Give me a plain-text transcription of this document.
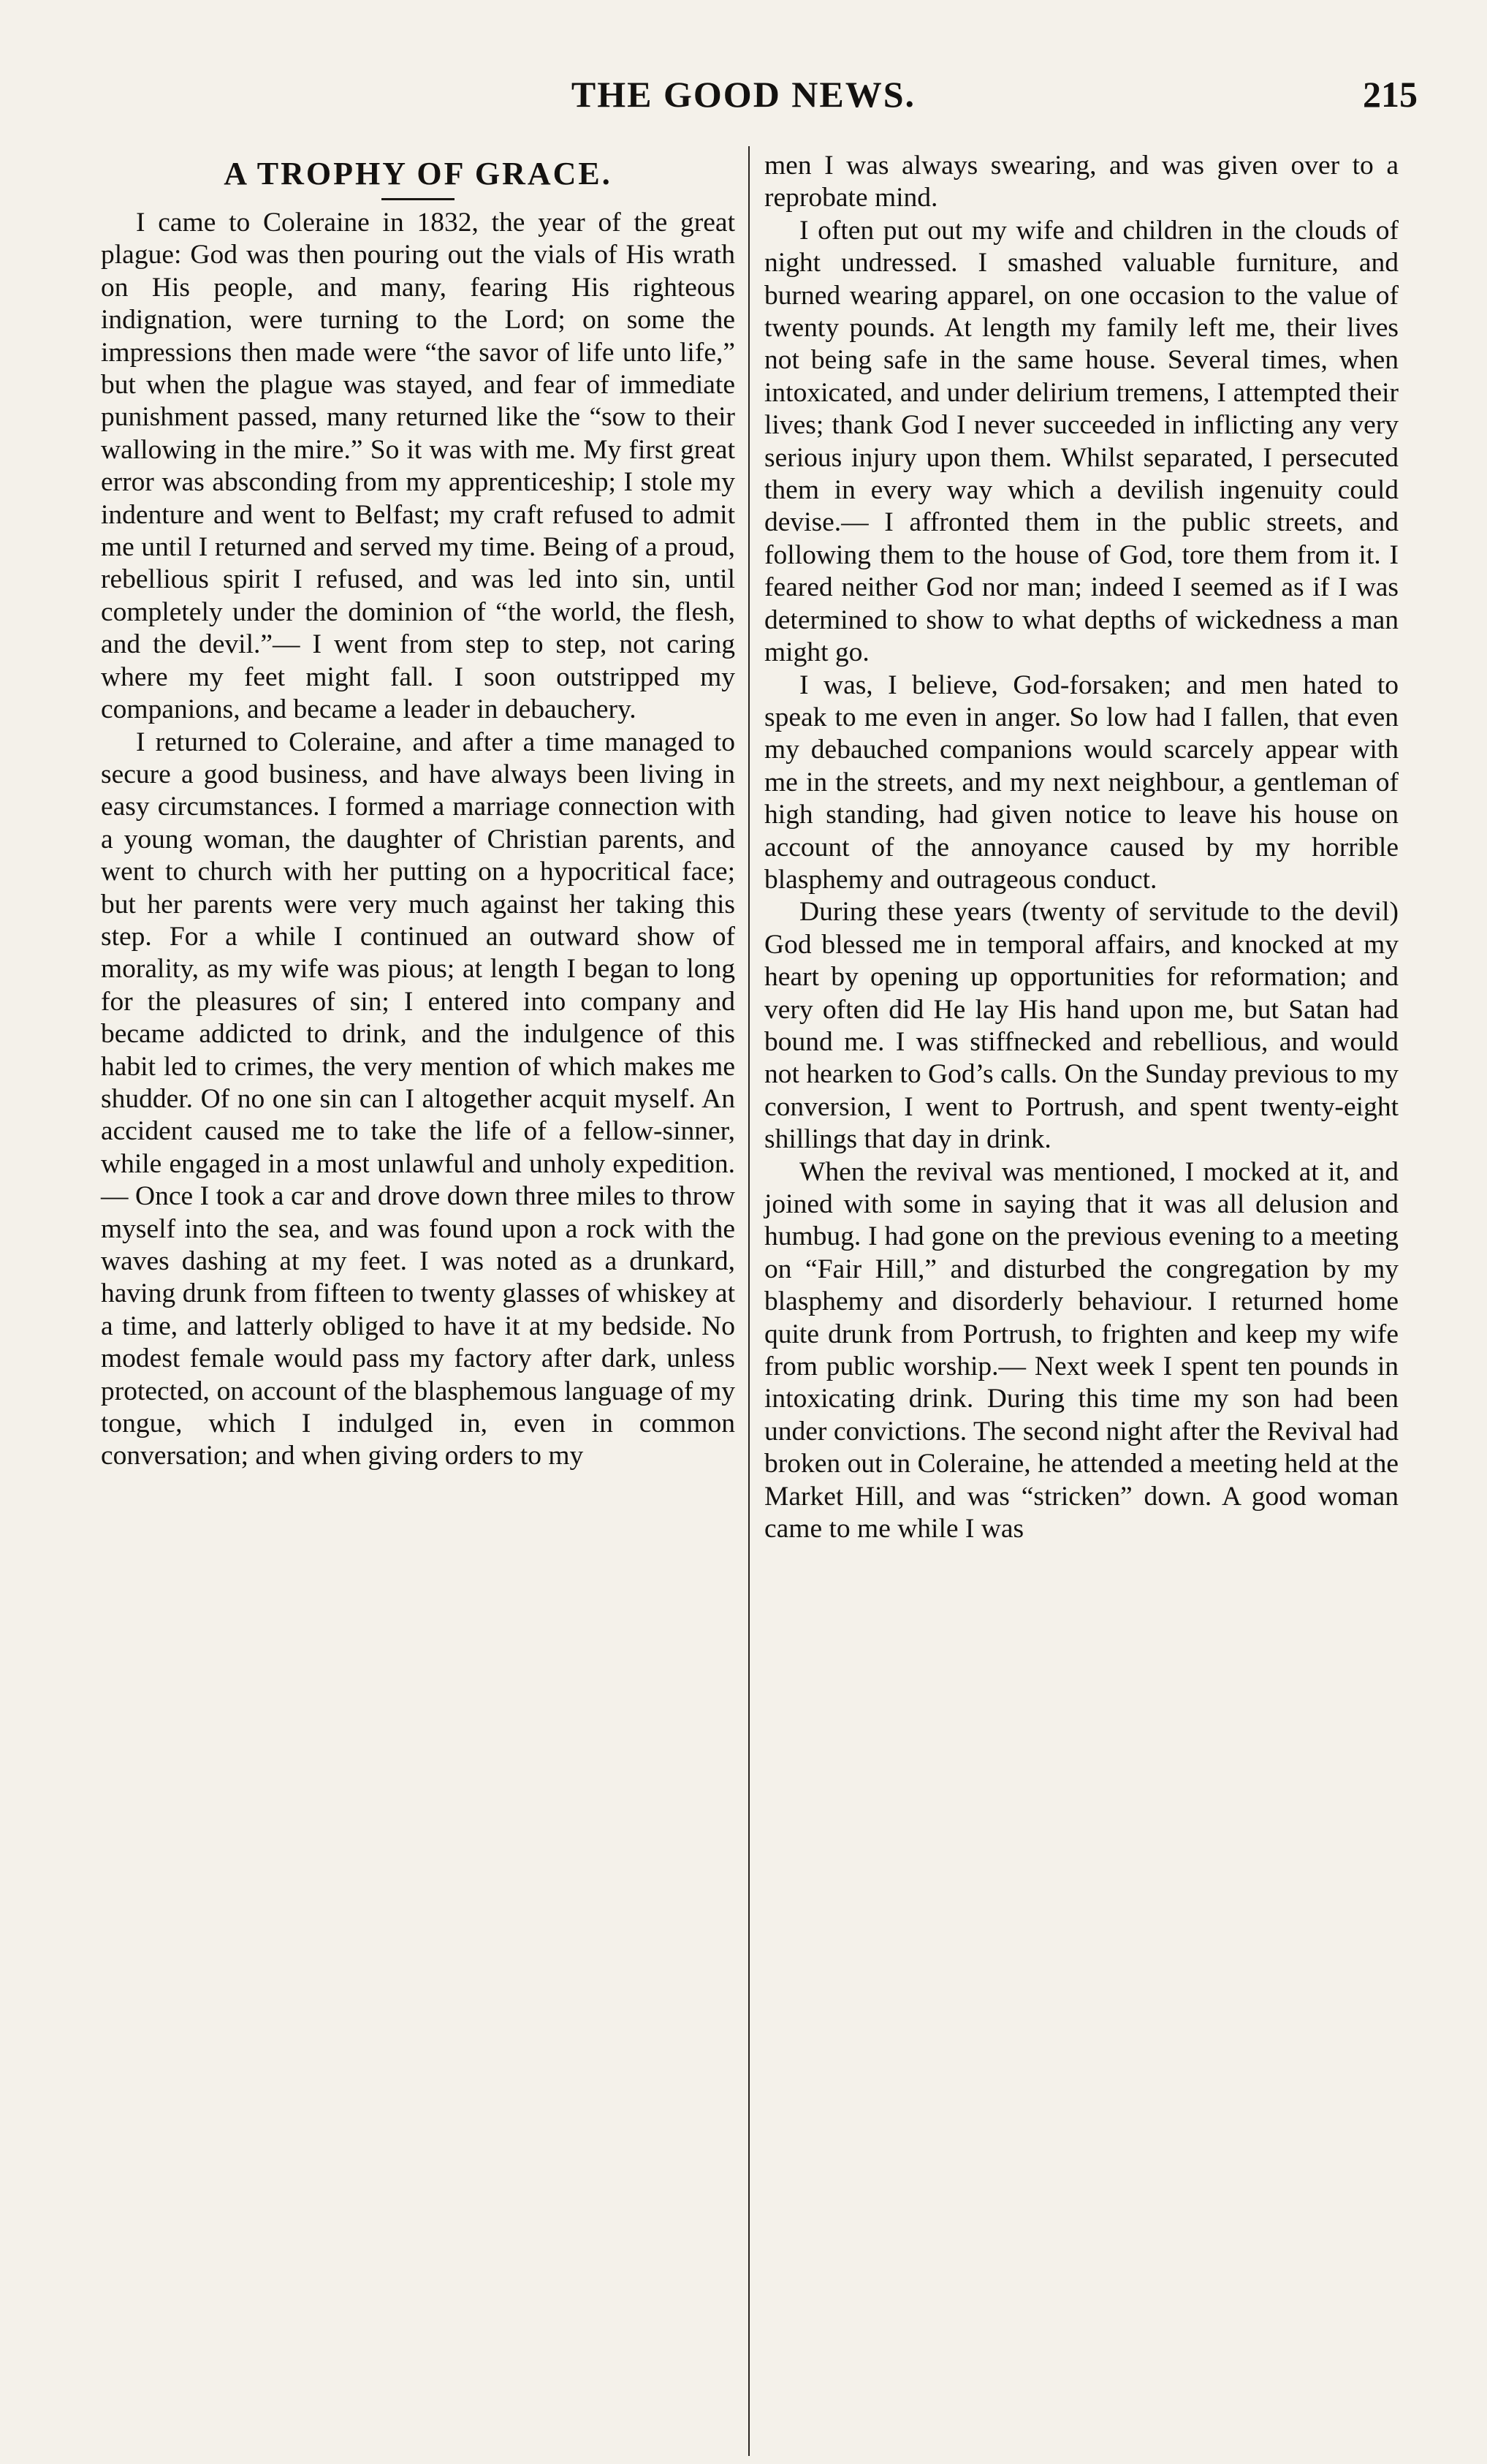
THE GOOD NEWS.	215
A TROPHY OF GRACE.

I came to Coleraine in 1832, the year of the great plague: God was then pouring out the vials of His wrath on His people, and many, fearing His righteous indignation, were turning to the Lord; on some the impressions then made were “the savor of life unto life,” but when the plague was stayed, and fear of immediate punishment passed, many returned like the “sow to their wallowing in the mire.” So it was with me. My first great error was absconding from my apprenticeship; I stole my indenture and went to Belfast; my craft refused to admit me until I returned and served my time. Being of a proud, rebellious spirit I refused, and was led into sin, until completely under the dominion of “the world, the flesh, and the devil.”— I went from step to step, not caring where my feet might fall. I soon outstripped my companions, and became a leader in debauchery.

I returned to Coleraine, and after a time managed to secure a good business, and have always been living in easy circumstances. I formed a marriage connection with a young woman, the daughter of Christian parents, and went to church with her putting on a hypocritical face; but her parents were very much against her taking this step. For a while I continued an outward show of morality, as my wife was pious; at length I began to long for the pleasures of sin; I entered into company and became addicted to drink, and the indulgence of this habit led to crimes, the very mention of which makes me shudder. Of no one sin can I altogether acquit myself. An accident caused me to take the life of a fellow-sinner, while engaged in a most unlawful and unholy expedition.— Once I took a car and drove down three miles to throw myself into the sea, and was found upon a rock with the waves dashing at my feet. I was noted as a drunkard, having drunk from fifteen to twenty glasses of whiskey at a time, and latterly obliged to have it at my bedside. No modest female would pass my factory after dark, unless protected, on account of the blasphemous language of my tongue, which I indulged in, even in common conversation; and when giving orders to my

men I was always swearing, and was given over to a reprobate mind.

I often put out my wife and children in the clouds of night undressed. I smashed valuable furniture, and burned wearing apparel, on one occasion to the value of twenty pounds. At length my family left me, their lives not being safe in the same house. Several times, when intoxicated, and under delirium tremens, I attempted their lives; thank God I never succeeded in inflicting any very serious injury upon them. Whilst separated, I persecuted them in every way which a devilish ingenuity could devise.— I affronted them in the public streets, and following them to the house of God, tore them from it. I feared neither God nor man; indeed I seemed as if I was determined to show to what depths of wickedness a man might go.

I was, I believe, God-forsaken; and men hated to speak to me even in anger. So low had I fallen, that even my debauched companions would scarcely appear with me in the streets, and my next neighbour, a gentleman of high standing, had given notice to leave his house on account of the annoyance caused by my horrible blasphemy and outrageous conduct.

During these years (twenty of servitude to the devil) God blessed me in temporal affairs, and knocked at my heart by opening up opportunities for reformation; and very often did He lay His hand upon me, but Satan had bound me. I was stiffnecked and rebellious, and would not hearken to God’s calls. On the Sunday previous to my conversion, I went to Portrush, and spent twenty-eight shillings that day in drink.

When the revival was mentioned, I mocked at it, and joined with some in saying that it was all delusion and humbug. I had gone on the previous evening to a meeting on “Fair Hill,” and disturbed the congregation by my blasphemy and disorderly behaviour. I returned home quite drunk from Portrush, to frighten and keep my wife from public worship.— Next week I spent ten pounds in intoxicating drink. During this time my son had been under convictions. The second night after the Revival had broken out in Coleraine, he attended a meeting held at the Market Hill, and was “stricken” down. A good woman came to me while I was
